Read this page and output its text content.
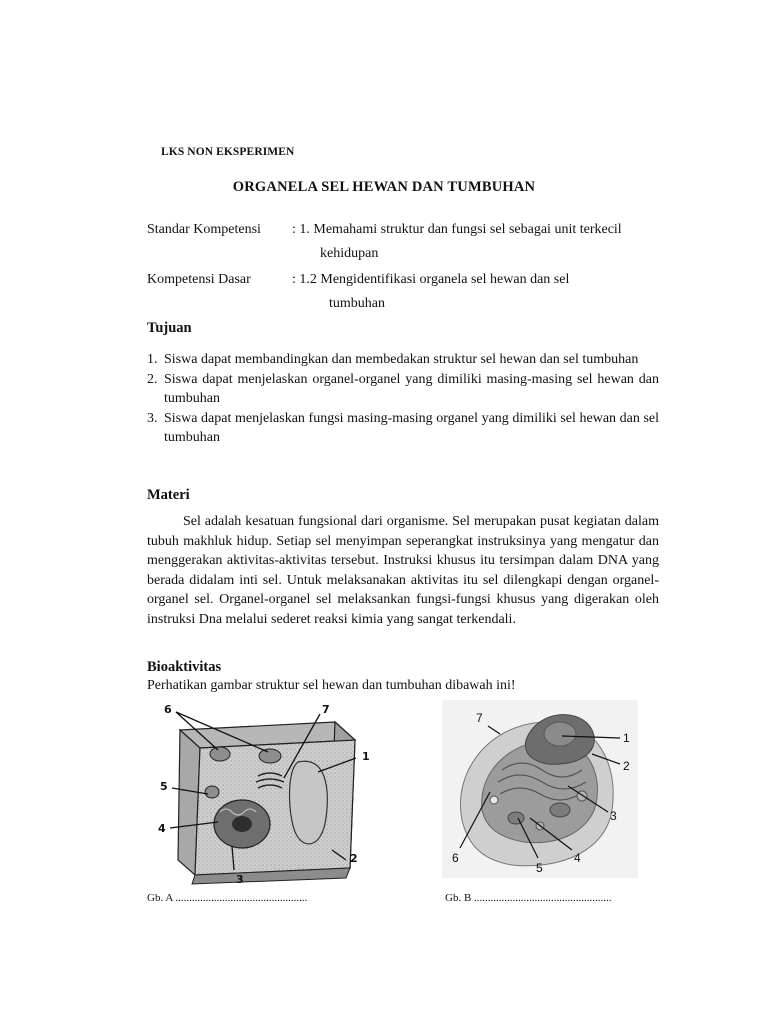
LKS NON EKSPERIMEN
ORGANELA SEL HEWAN DAN TUMBUHAN
Standar Kompetensi : 1. Memahami struktur dan fungsi sel sebagai unit terkecil
kehidupan
Kompetensi Dasar	: 1.2 Mengidentifikasi organela sel hewan dan sel
tumbuhan
Tujuan
1. Siswa dapat membandingkan dan membedakan struktur sel hewan dan sel tumbuhan
2. Siswa dapat menjelaskan organel-organel yang dimiliki masing-masing sel hewan dan tumbuhan
3. Siswa dapat menjelaskan fungsi masing-masing organel yang dimiliki sel hewan dan sel tumbuhan
Materi

Sel adalah kesatuan fungsional dari organisme. Sel merupakan pusat kegiatan dalam tubuh makhluk hidup. Setiap sel menyimpan seperangkat instruksinya yang mengatur dan menggerakan aktivitas-aktivitas tersebut. Instruksi khusus itu tersimpan dalam DNA yang berada didalam inti sel. Untuk melaksanakan aktivitas itu sel dilengkapi dengan organel-organel sel. Organel-organel sel melaksankan fungsi-fungsi khusus yang digerakan oleh instruksi Dna melalui sederet reaksi kimia yang sangat terkendali.

Bioaktivitas
Perhatikan gambar struktur sel hewan dan tumbuhan dibawah ini!
6	7
1
5
4
2
3
Gb. A ................................................
1
2
3
4
5
6
7
Gb. B ..................................................
